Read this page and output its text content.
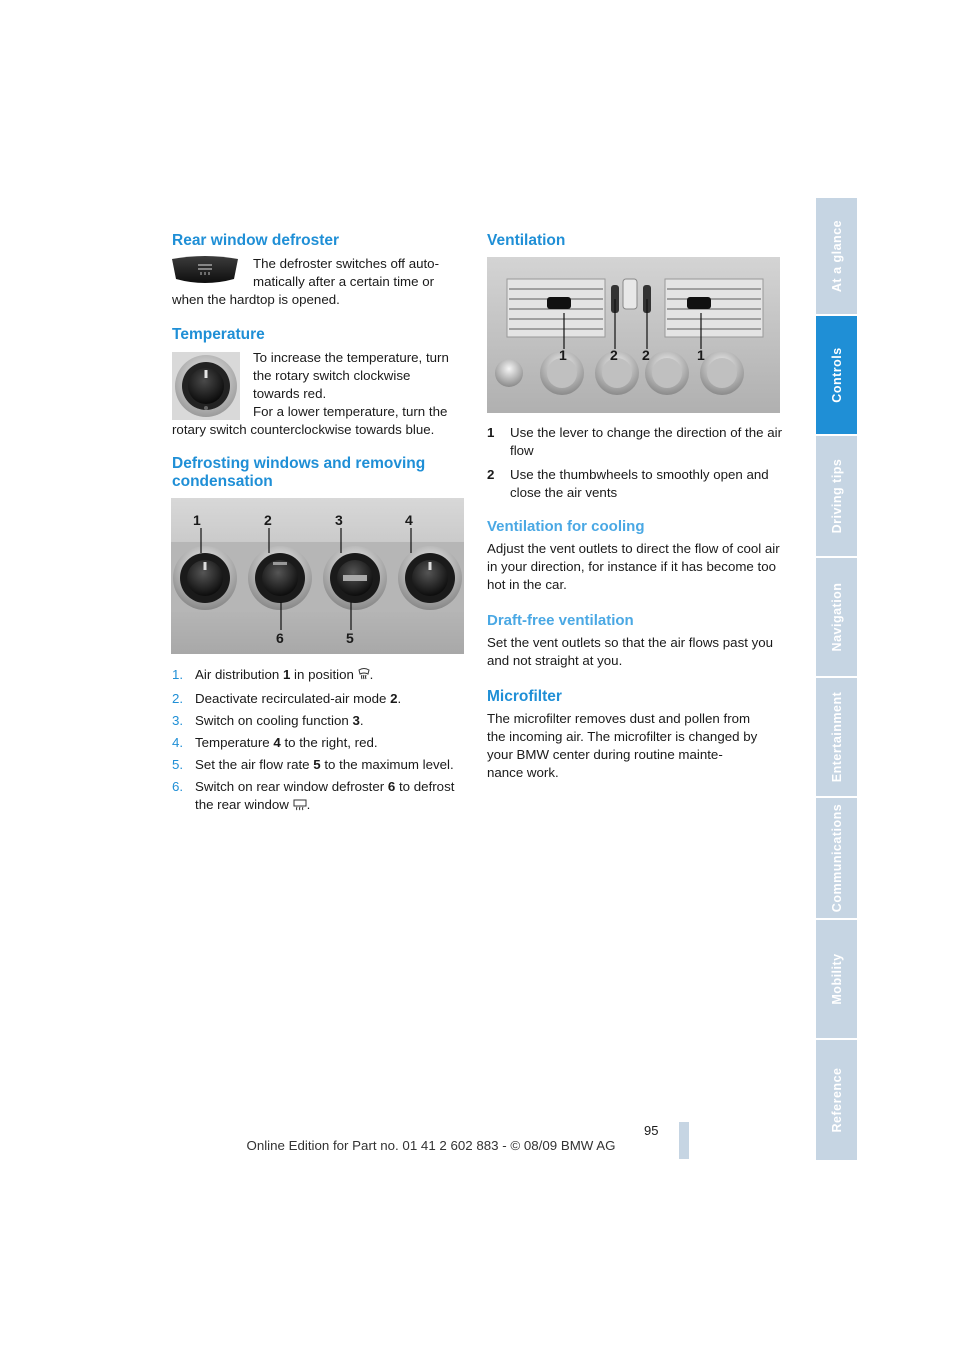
At a glance
Controls
Driving tips
Navigation
Entertainment
Communications
Mobility
Reference
Rear window defroster

The defroster switches off auto-

matically after a certain time or

when the hardtop is opened.

Temperature

To increase the temperature, turn

the rotary switch clockwise

towards red.

For a lower temperature, turn the

rotary switch counterclockwise towards blue.

Defrosting windows and removing
condensation
1	2	3	4
6	5
1. Air distribution 1 in position .
2. Deactivate recirculated-air mode 2.
3. Switch on cooling function 3.
4. Temperature 4 to the right, red.
5. Set the air flow rate 5 to the maximum level.
6. Switch on rear window defroster 6 to defrost the rear window .
Ventilation
1	2 2	1
1 Use the lever to change the direction of the air flow
2 Use the thumbwheels to smoothly open and close the air vents
Ventilation for cooling

Adjust the vent outlets to direct the flow of cool air in your direction, for instance if it has become too hot in the car.

Draft-free ventilation

Set the vent outlets so that the air flows past you and not straight at you.

Microfilter

The microfilter removes dust and pollen from

the incoming air. The microfilter is changed by

your BMW center during routine mainte-

nance work.

95
Online Edition for Part no. 01 41 2 602 883 - © 08/09 BMW AG
